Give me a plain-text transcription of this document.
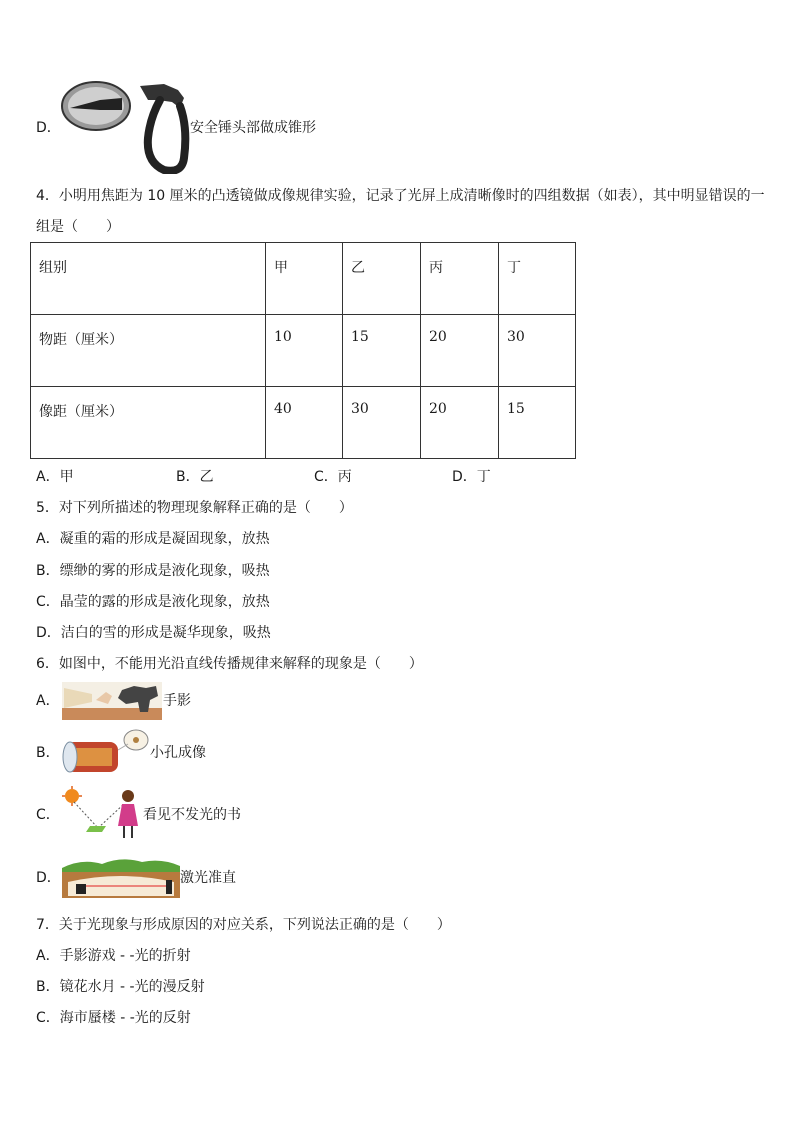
D．	安全锤头部做成锥形
4．小明用焦距为 10 厘米的凸透镜做成像规律实验，记录了光屏上成清晰像时的四组数据（如表），其中明显错误的一
组是（　　）
组别	甲	乙	丙	丁
物距（厘米）	10	15	20	30
像距（厘米）	40	30	20	15
A．甲	B．乙	C．丙	D．丁
5．对下列所描述的物理现象解释正确的是（　　）
A．凝重的霜的形成是凝固现象，放热
B．缥缈的雾的形成是液化现象，吸热
C．晶莹的露的形成是液化现象，放热
D．洁白的雪的形成是凝华现象，吸热
6．如图中，不能用光沿直线传播规律来解释的现象是（　　）
A．	手影
B．	小孔成像
C．	看见不发光的书
D．	激光准直
7．关于光现象与形成原因的对应关系，下列说法正确的是（　　）
A．手影游戏 - -光的折射
B．镜花水月 - -光的漫反射
C．海市蜃楼 - -光的反射
